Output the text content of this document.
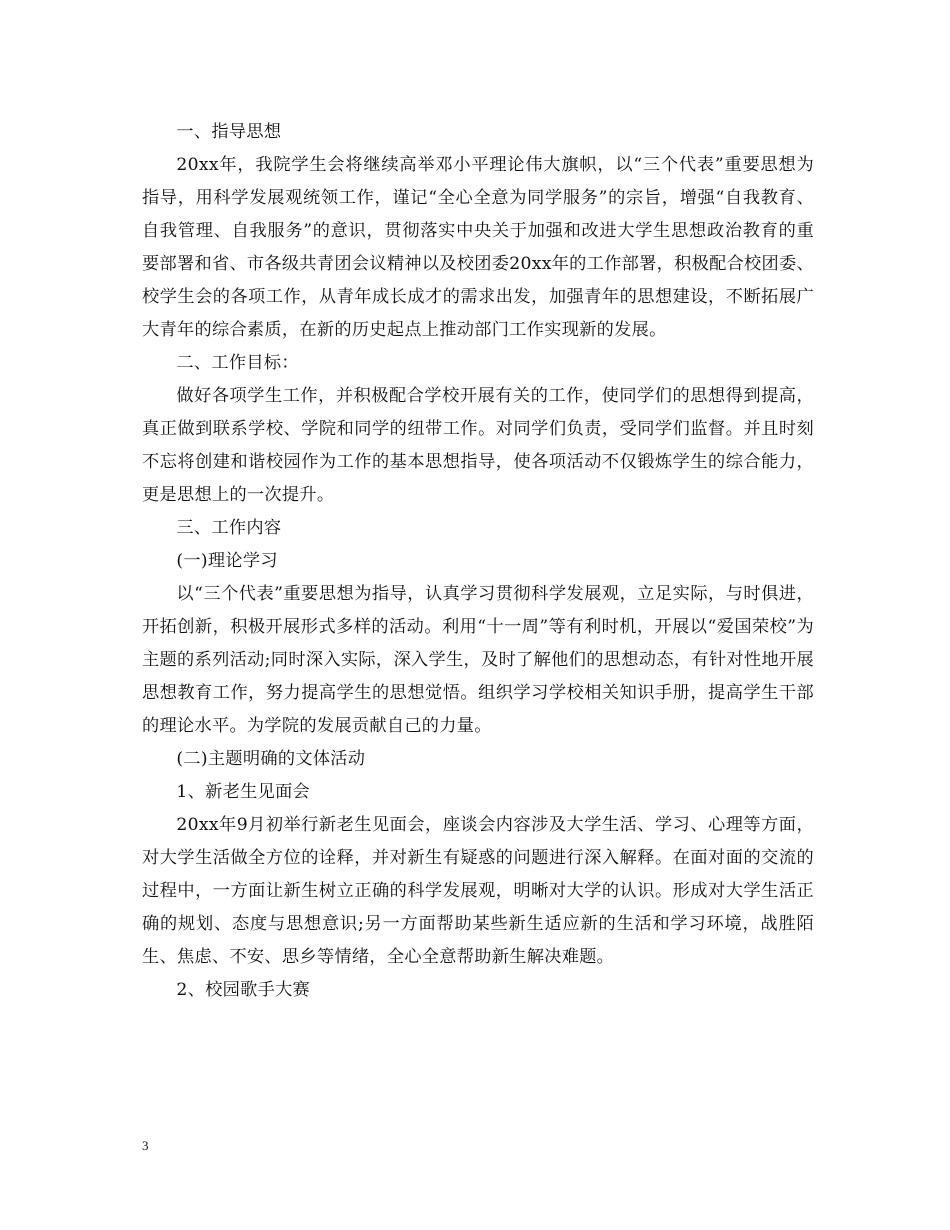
一、指导思想

20xx年，我院学生会将继续高举邓小平理论伟大旗帜，以“三个代表”重要思想为指导，用科学发展观统领工作，谨记“全心全意为同学服务”的宗旨，增强“自我教育、自我管理、自我服务”的意识，贯彻落实中央关于加强和改进大学生思想政治教育的重要部署和省、市各级共青团会议精神以及校团委20xx年的工作部署，积极配合校团委、校学生会的各项工作，从青年成长成才的需求出发，加强青年的思想建设，不断拓展广大青年的综合素质，在新的历史起点上推动部门工作实现新的发展。

二、工作目标：

做好各项学生工作，并积极配合学校开展有关的工作，使同学们的思想得到提高，真正做到联系学校、学院和同学的纽带工作。对同学们负责，受同学们监督。并且时刻不忘将创建和谐校园作为工作的基本思想指导，使各项活动不仅锻炼学生的综合能力，更是思想上的一次提升。

三、工作内容

(一)理论学习

以“三个代表”重要思想为指导，认真学习贯彻科学发展观，立足实际，与时俱进，开拓创新，积极开展形式多样的活动。利用“十一周”等有利时机，开展以“爱国荣校”为主题的系列活动;同时深入实际，深入学生，及时了解他们的思想动态，有针对性地开展思想教育工作，努力提高学生的思想觉悟。组织学习学校相关知识手册，提高学生干部的理论水平。为学院的发展贡献自己的力量。

(二)主题明确的文体活动

1、新老生见面会

20xx年9月初举行新老生见面会，座谈会内容涉及大学生活、学习、心理等方面，对大学生活做全方位的诠释，并对新生有疑惑的问题进行深入解释。在面对面的交流的过程中，一方面让新生树立正确的科学发展观，明晰对大学的认识。形成对大学生活正确的规划、态度与思想意识;另一方面帮助某些新生适应新的生活和学习环境，战胜陌生、焦虑、不安、思乡等情绪，全心全意帮助新生解决难题。

2、校园歌手大赛

3
